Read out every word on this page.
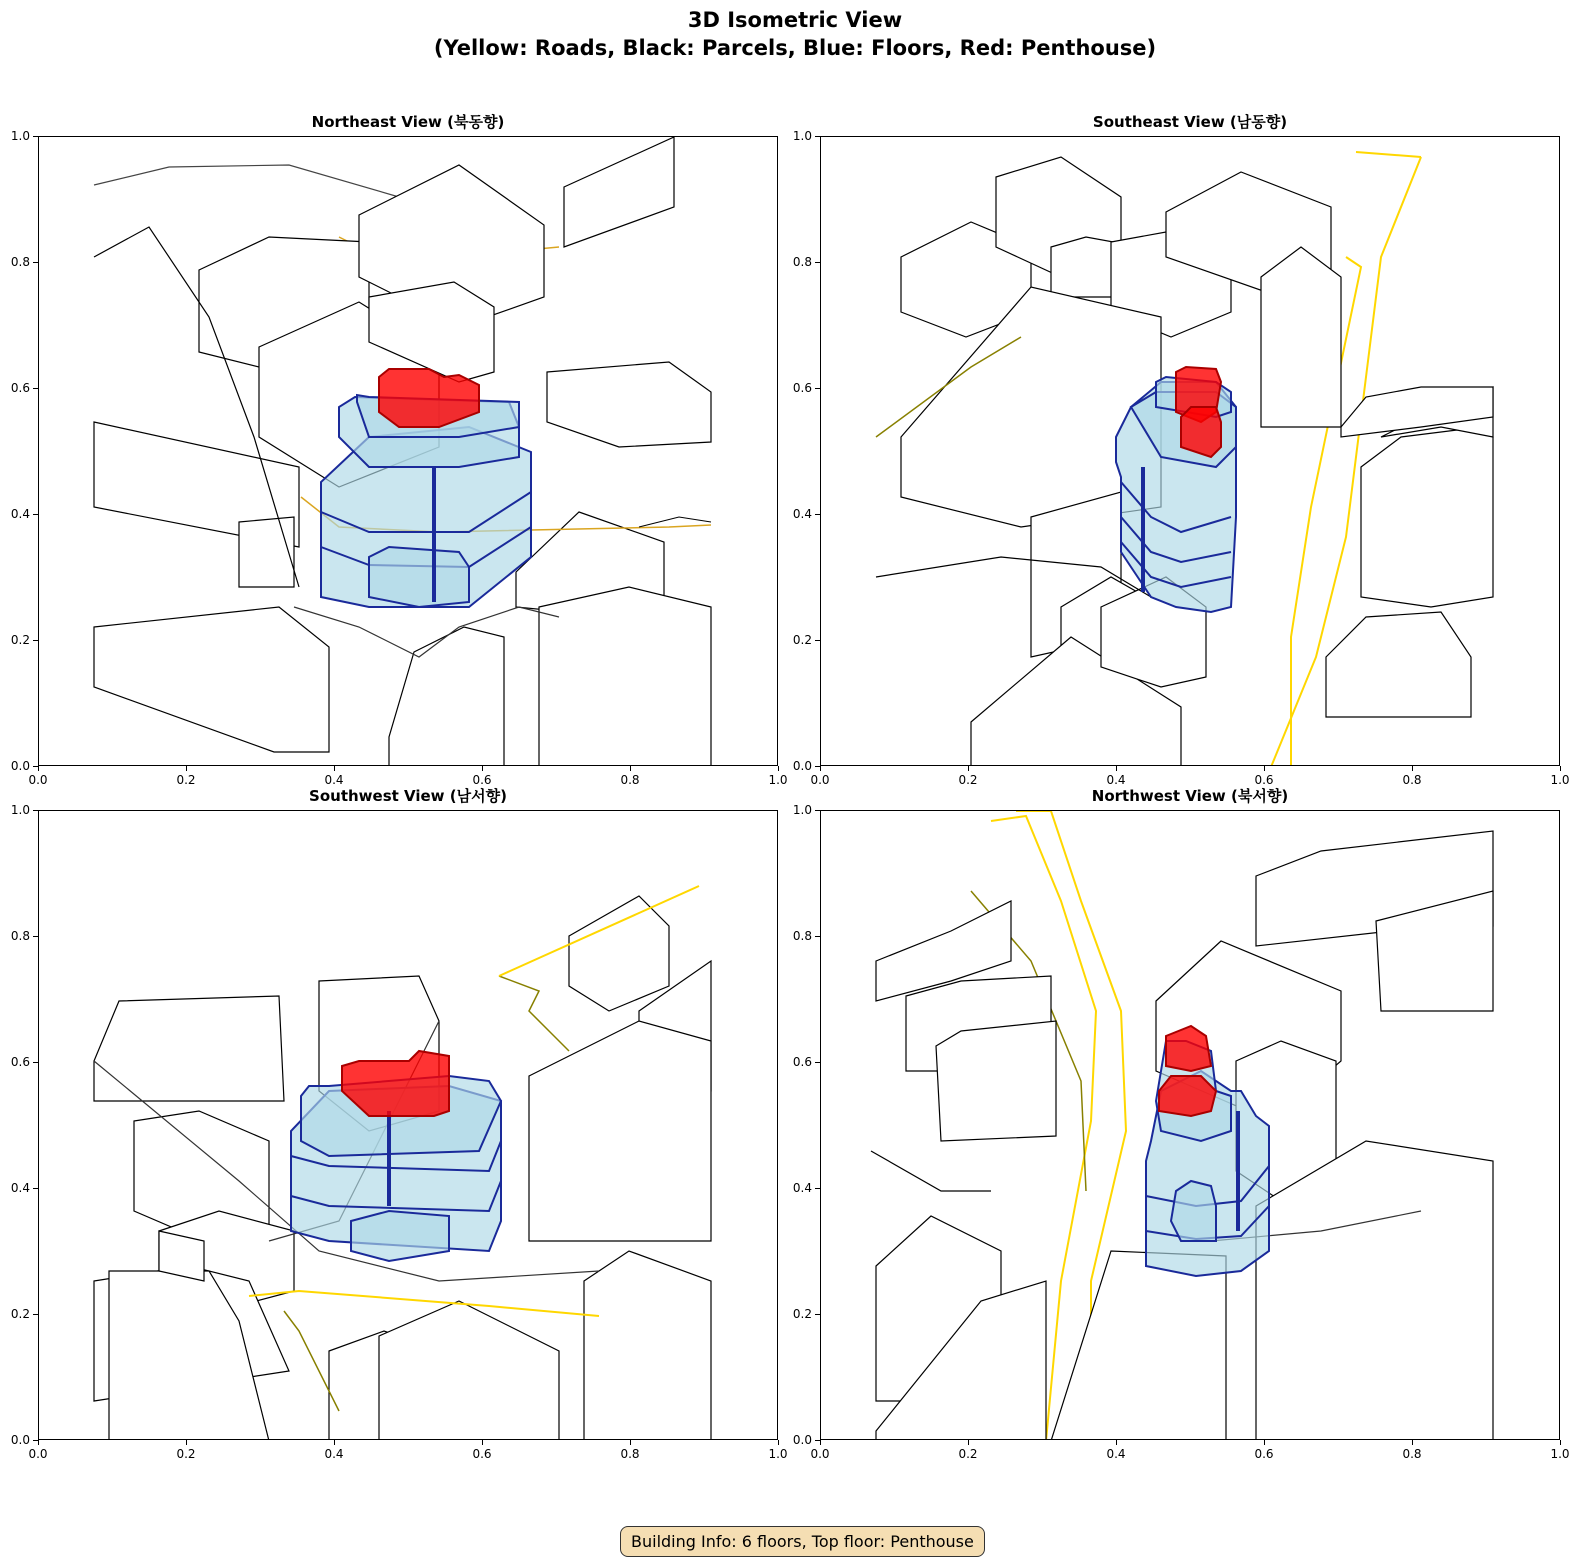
3D Isometric View
(Yellow: Roads, Black: Parcels, Blue: Floors, Red: Penthouse)
Northeast View (북동향)	Southeast View (남동향)
Southwest View (남서향)	Northwest View (북서향)
Building Info: 6 floors, Top floor: Penthouse
0.0	0.2	0.4	0.6	0.8	1.0
0.0
0.2
0.4
0.6
0.8
1.0
0.0	0.2	0.4	0.6	0.8	1.0
0.0
0.2
0.4
0.6
0.8
1.0
0.0	0.2	0.4	0.6	0.8	1.0
0.0
0.2
0.4
0.6
0.8
1.0
0.0	0.2	0.4	0.6	0.8	1.0
0.0
0.2
0.4
0.6
0.8
1.0
